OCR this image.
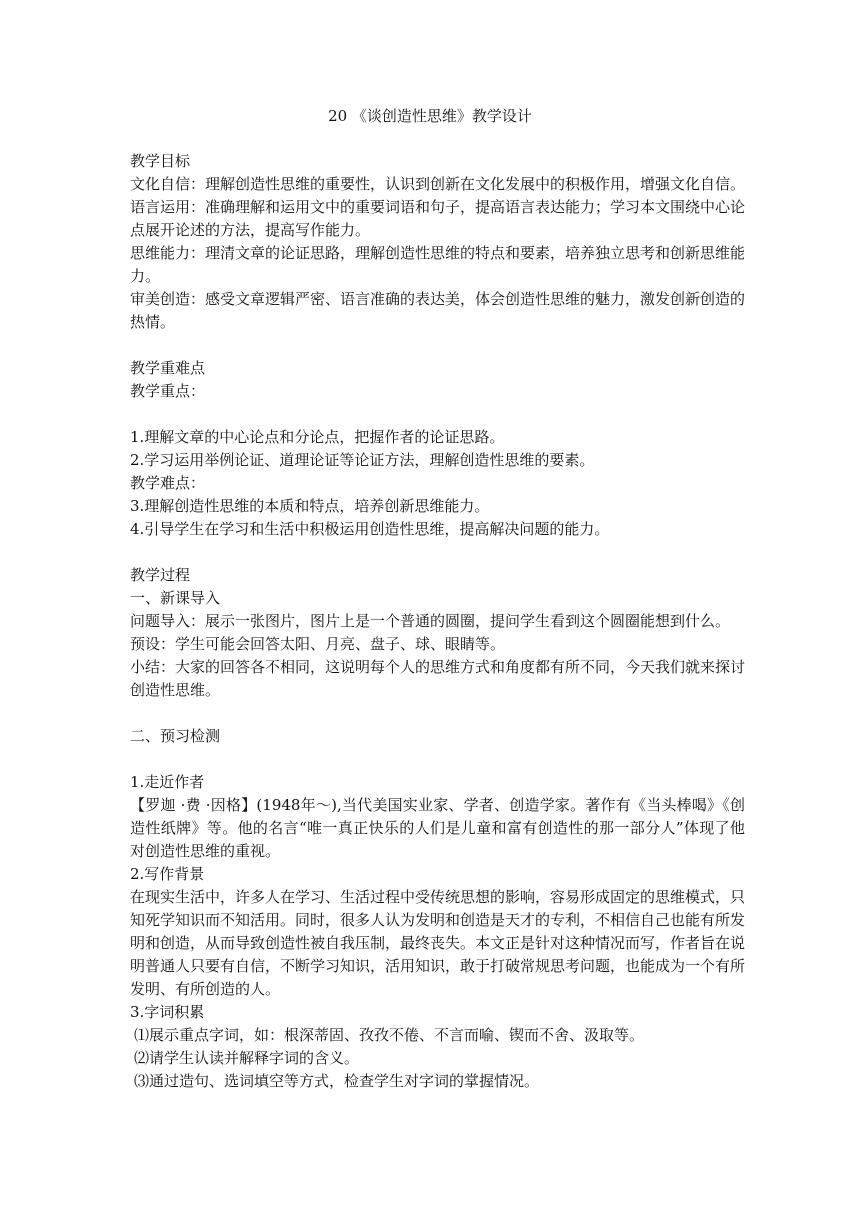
20 《谈创造性思维》教学设计
教学目标
文化自信：理解创造性思维的重要性，认识到创新在文化发展中的积极作用，增强文化自信。
语言运用：准确理解和运用文中的重要词语和句子，提高语言表达能力；学习本文围绕中心论点展开论述的方法，提高写作能力。
思维能力：理清文章的论证思路，理解创造性思维的特点和要素，培养独立思考和创新思维能力。
审美创造：感受文章逻辑严密、语言准确的表达美，体会创造性思维的魅力，激发创新创造的热情。
教学重难点
教学重点：
1.理解文章的中心论点和分论点，把握作者的论证思路。
2.学习运用举例论证、道理论证等论证方法，理解创造性思维的要素。
教学难点：
3.理解创造性思维的本质和特点，培养创新思维能力。
4.引导学生在学习和生活中积极运用创造性思维，提高解决问题的能力。
教学过程
一、新课导入
问题导入：展示一张图片，图片上是一个普通的圆圈，提问学生看到这个圆圈能想到什么。
预设：学生可能会回答太阳、月亮、盘子、球、眼睛等。
小结：大家的回答各不相同，这说明每个人的思维方式和角度都有所不同，今天我们就来探讨创造性思维。
二、预习检测
1.走近作者
【罗迦 ·费 ·因格】(1948年～),当代美国实业家、学者、创造学家。著作有《当头棒喝》《创造性纸牌》等。他的名言“唯一真正快乐的人们是儿童和富有创造性的那一部分人”体现了他对创造性思维的重视。
2.写作背景
在现实生活中，许多人在学习、生活过程中受传统思想的影响，容易形成固定的思维模式，只知死学知识而不知活用。同时，很多人认为发明和创造是天才的专利，不相信自己也能有所发明和创造，从而导致创造性被自我压制，最终丧失。本文正是针对这种情况而写，作者旨在说明普通人只要有自信，不断学习知识，活用知识，敢于打破常规思考问题，也能成为一个有所发明、有所创造的人。
3.字词积累
⑴展示重点字词，如：根深蒂固、孜孜不倦、不言而喻、锲而不舍、汲取等。
⑵请学生认读并解释字词的含义。
⑶通过造句、选词填空等方式，检查学生对字词的掌握情况。
